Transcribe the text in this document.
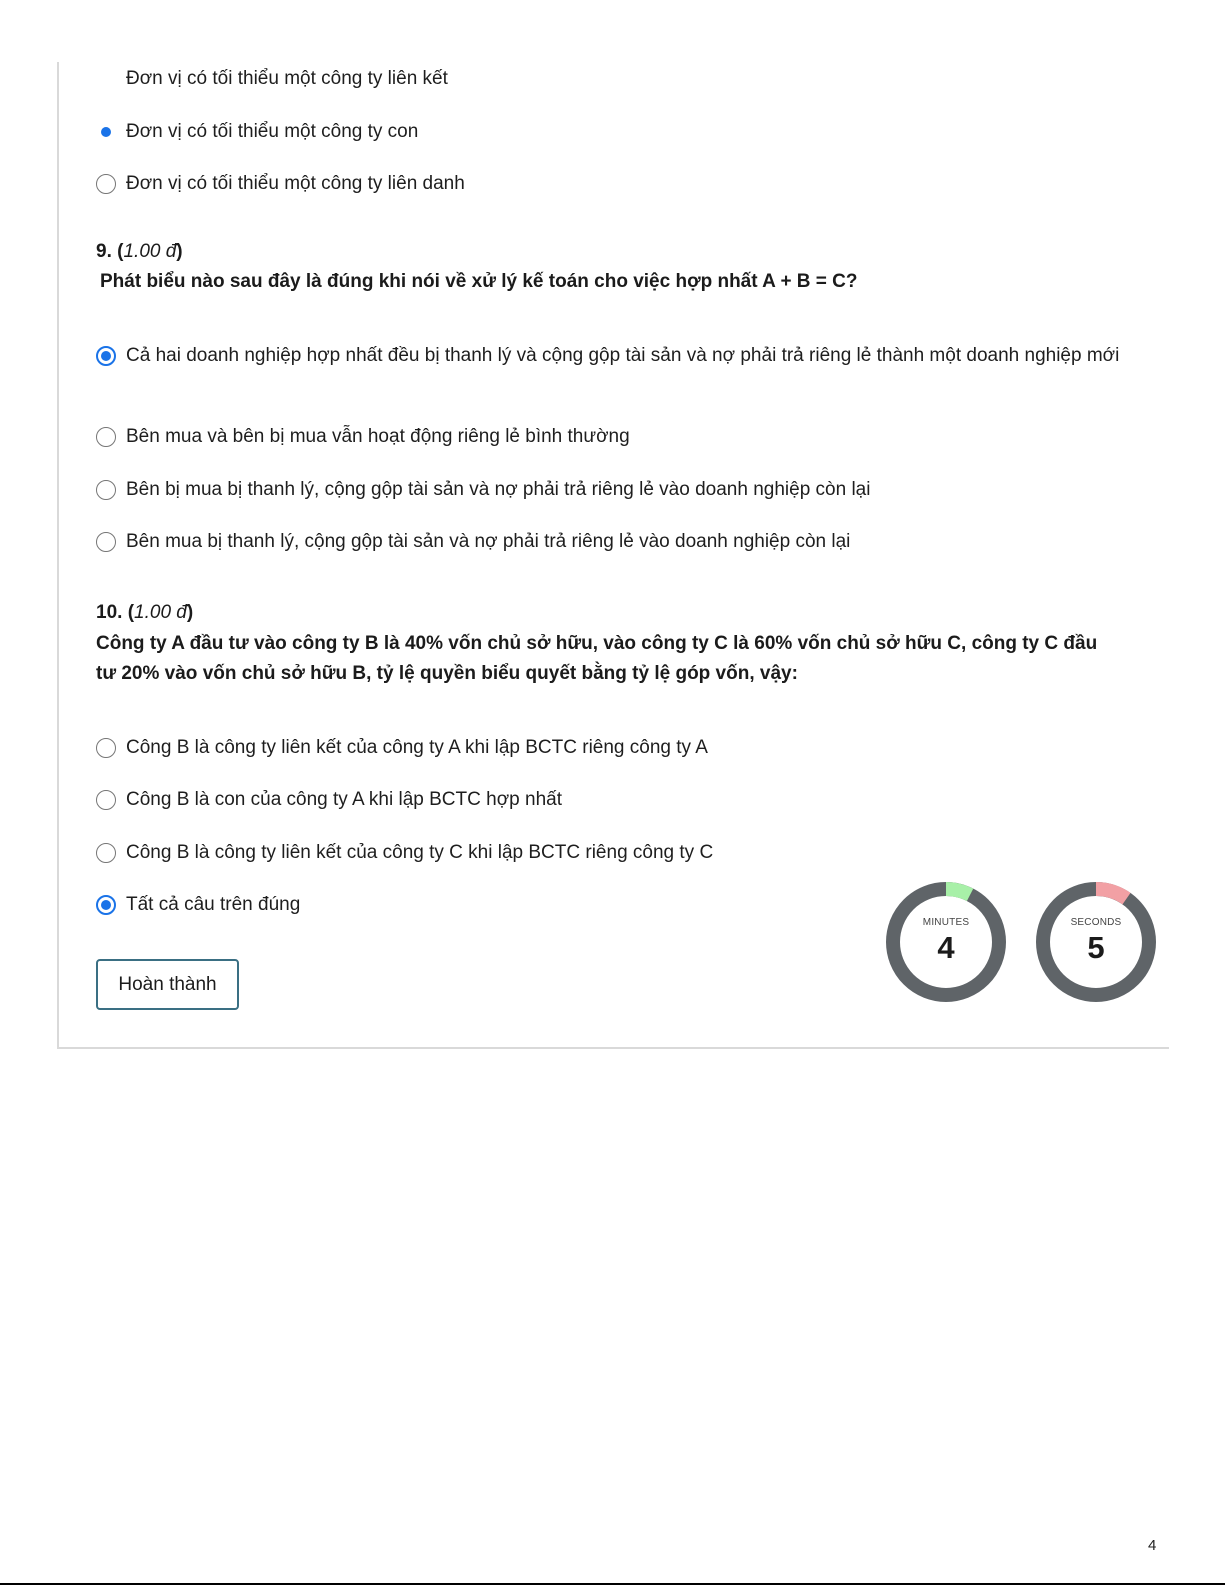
Đơn vị có tối thiểu một công ty liên kết
Đơn vị có tối thiểu một công ty con
Đơn vị có tối thiểu một công ty liên danh
9. (1.00 đ)
Phát biểu nào sau đây là đúng khi nói về xử lý kế toán cho việc hợp nhất A + B = C?
Cả hai doanh nghiệp hợp nhất đều bị thanh lý và cộng gộp tài sản và nợ phải trả riêng lẻ thành một doanh nghiệp mới
Bên mua và bên bị mua vẫn hoạt động riêng lẻ bình thường
Bên bị mua bị thanh lý, cộng gộp tài sản và nợ phải trả riêng lẻ vào doanh nghiệp còn lại
Bên mua bị thanh lý, cộng gộp tài sản và nợ phải trả riêng lẻ vào doanh nghiệp còn lại
10. (1.00 đ)
Công ty A đầu tư vào công ty B là 40% vốn chủ sở hữu, vào công ty C là 60% vốn chủ sở hữu C, công ty C đầu tư 20% vào vốn chủ sở hữu B, tỷ lệ quyền biểu quyết bằng tỷ lệ góp vốn, vậy:
Công B là công ty liên kết của công ty A khi lập BCTC riêng công ty A
Công B là con của công ty A khi lập BCTC hợp nhất
Công B là công ty liên kết của công ty C khi lập BCTC riêng công ty C
Tất cả câu trên đúng
Hoàn thành
MINUTES
4
SECONDS
5
4
